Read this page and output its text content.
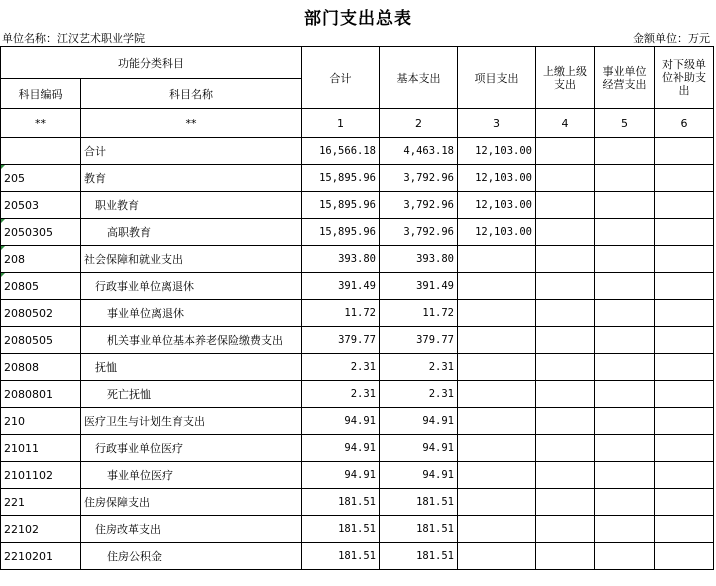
部门支出总表
单位名称：江汉艺术职业学院	金额单位：万元
功能分类科目		合计	基本支出	项目支出	上缴上级支出	事业单位经营支出	对下级单位补助支出
科目编码	科目名称						
**	**	1	2	3	4	5	6
	合计	16,566.18	4,463.18	12,103.00			

205	教育	15,895.96	3,792.96	12,103.00			
20503	职业教育	15,895.96	3,792.96	12,103.00			

2050305	高职教育	15,895.96	3,792.96	12,103.00			

208	社会保障和就业支出	393.80	393.80				

20805	行政事业单位离退休	391.49	391.49				
2080502	事业单位离退休	11.72	11.72				
2080505	机关事业单位基本养老保险缴费支出	379.77	379.77				
20808	抚恤	2.31	2.31				
2080801	死亡抚恤	2.31	2.31				
210	医疗卫生与计划生育支出	94.91	94.91				
21011	行政事业单位医疗	94.91	94.91				
2101102	事业单位医疗	94.91	94.91				
221	住房保障支出	181.51	181.51				
22102	住房改革支出	181.51	181.51				
2210201	住房公积金	181.51	181.51				
